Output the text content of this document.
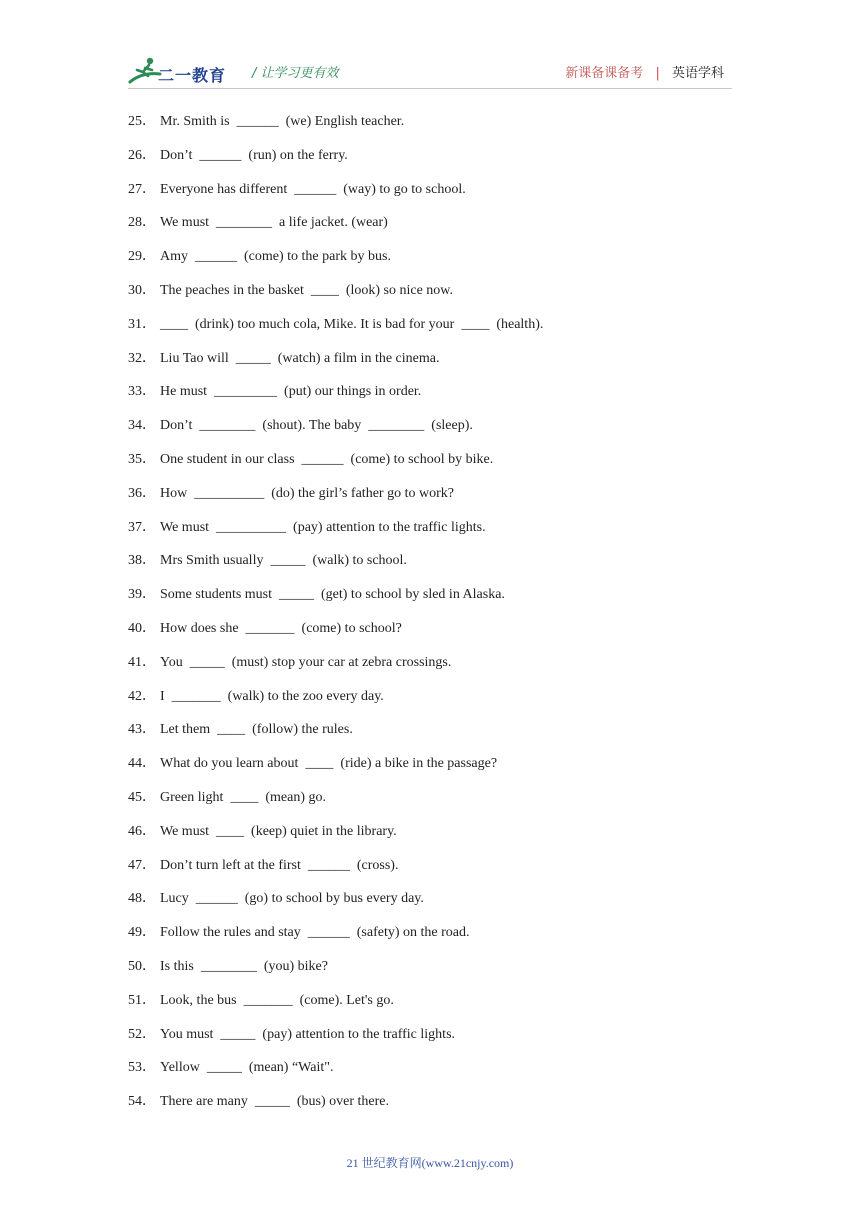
二一教育 / 让学习更有效	新课备课备考 | 英语学科
25． Mr. Smith is  ______  (we) English teacher.
26． Don’t  ______  (run) on the ferry.
27． Everyone has different  ______  (way) to go to school.
28． We must  ________  a life jacket. (wear)
29． Amy  ______  (come) to the park by bus.
30． The peaches in the basket  ____  (look) so nice now.
31． ____  (drink) too much cola, Mike. It is bad for your  ____  (health).
32． Liu Tao will  _____  (watch) a film in the cinema.
33． He must  _________  (put) our things in order.
34． Don’t  ________  (shout). The baby  ________  (sleep).
35． One student in our class  ______  (come) to school by bike.
36． How  __________  (do) the girl’s father go to work?
37． We must  __________  (pay) attention to the traffic lights.
38． Mrs Smith usually  _____  (walk) to school.
39． Some students must  _____  (get) to school by sled in Alaska.
40． How does she  _______  (come) to school?
41． You  _____  (must) stop your car at zebra crossings.
42． I  _______  (walk) to the zoo every day.
43． Let them  ____  (follow) the rules.
44． What do you learn about  ____  (ride) a bike in the passage?
45． Green light  ____  (mean) go.
46． We must  ____  (keep) quiet in the library.
47． Don’t turn left at the first  ______  (cross).
48． Lucy  ______  (go) to school by bus every day.
49． Follow the rules and stay  ______  (safety) on the road.
50． Is this  ________  (you) bike?
51． Look, the bus  _______  (come). Let's go.
52． You must  _____  (pay) attention to the traffic lights.
53． Yellow  _____  (mean) “Wait".
54． There are many  _____  (bus) over there.
21 世纪教育网(www.21cnjy.com)
